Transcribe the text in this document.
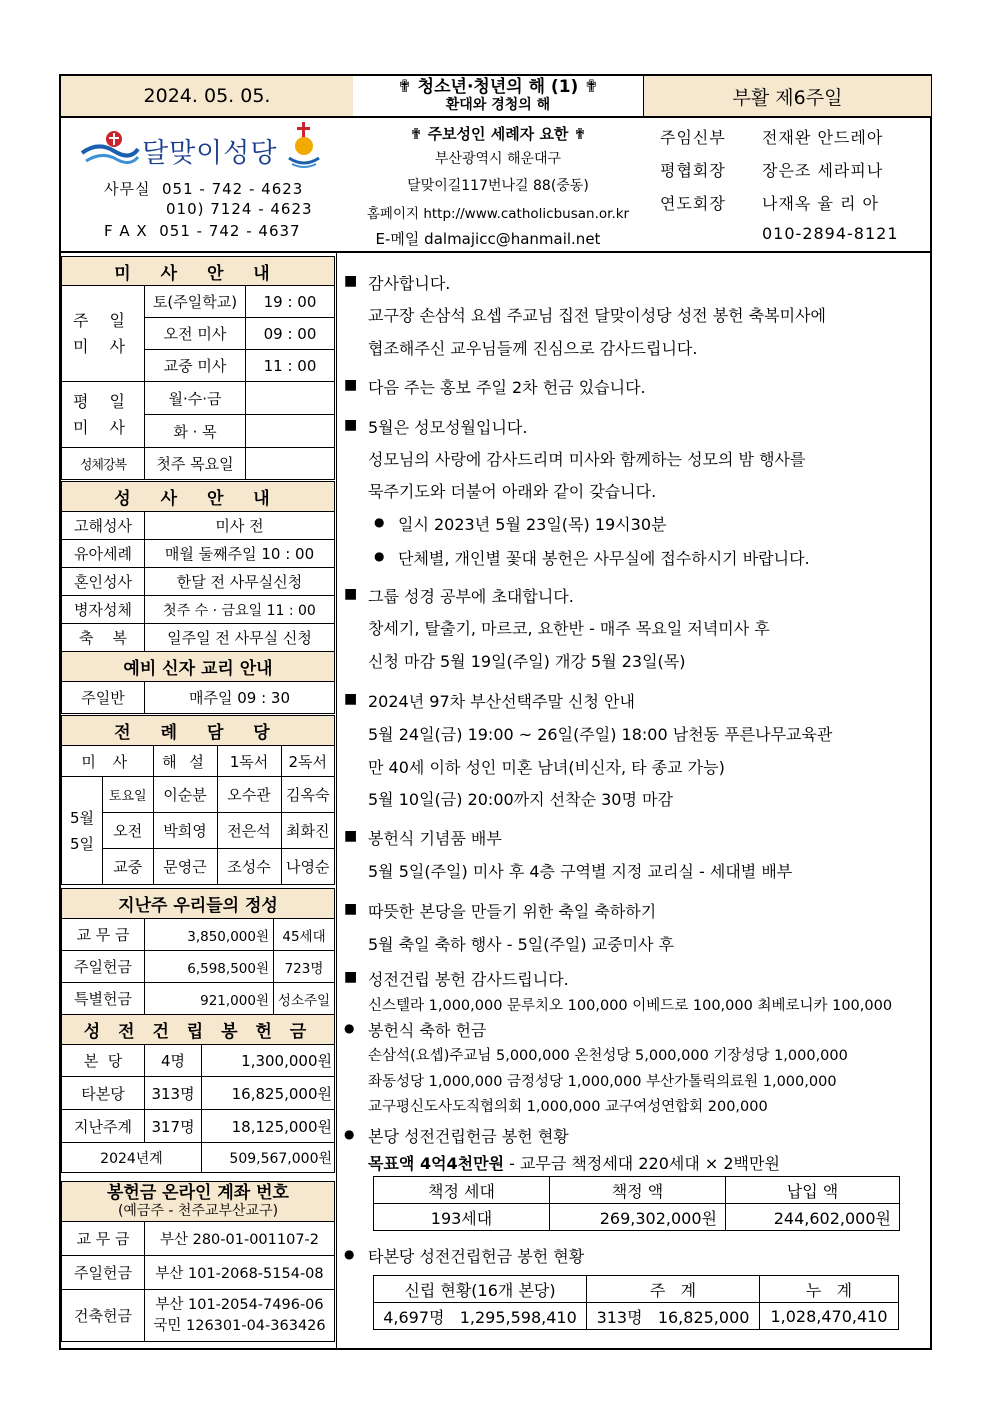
2024. 05. 05.	✟ 청소년·청년의 해 (1) ✟
환대와 경청의 해	부활 제6주일
달맞이성당
사무실  051 - 742 - 4623
010) 7124 - 4623
F A X  051 - 742 - 4637
✟ 주보성인 세례자 요한 ✟
부산광역시 해운대구
달맞이길117번나길 88(중동)
홈페이지 http://www.catholicbusan.or.kr
E-메일 dalmajicc@hanmail.net
주임신부 전재완 안드레아
평협회장 장은조 세라피나
연도회장 나재옥 율 리 아
010-2894-8121
미 사 안 내		
주 일
미 사	토(주일학교)	19 : 00
	오전 미사	09 : 00
	교중 미사	11 : 00
평 일
미 사	월·수·금	
	화 · 목	
성체강복	첫주 목요일	
성 사 안 내	
고해성사	미사 전
유아세례	매월 둘째주일 10 : 00
혼인성사	한달 전 사무실신청
병자성체	첫주 수 · 금요일 11 : 00
축    복	일주일 전 사무실 신청
예비 신자 교리 안내	
주일반	매주일 09 : 30
전 례 담 당				
미 사		해 설	1독서	2독서
5월
5일	토요일	이순분	오수관	김옥숙
	오전	박희영	전은석	최화진
	교중	문영근	조성수	나영순
지난주 우리들의 정성		
교 무 금	3,850,000원	45세대
주일헌금	6,598,500원	723명
특별헌금	921,000원	성소주일
성 전 건 립 봉 헌 금		
본  당	4명	1,300,000원
타본당	313명	16,825,000원
지난주계	317명	18,125,000원
2024년계		509,567,000원
봉헌금 온라인 계좌 번호
(예금주 - 천주교부산교구)	

교 무 금	부산 280-01-001107-2
주일헌금	부산 101-2068-5154-08
건축헌금	부산 101-2054-7496-06
국민 126301-04-363426
■ 감사합니다.
교구장 손삼석 요셉 주교님 집전 달맞이성당 성전 봉헌 축복미사에
협조해주신 교우님들께 진심으로 감사드립니다.
■ 다음 주는 홍보 주일 2차 헌금 있습니다.
■ 5월은 성모성월입니다.
성모님의 사랑에 감사드리며 미사와 함께하는 성모의 밤 행사를
묵주기도와 더불어 아래와 같이 갖습니다.
● 일시 2023년 5월 23일(목) 19시30분
● 단체별, 개인별 꽃대 봉헌은 사무실에 접수하시기 바랍니다.
■ 그룹 성경 공부에 초대합니다.
창세기, 탈출기, 마르코, 요한반 - 매주 목요일 저녁미사 후
신청 마감 5월 19일(주일) 개강 5월 23일(목)
■ 2024년 97차 부산선택주말 신청 안내
5월 24일(금) 19:00 ~ 26일(주일) 18:00 남천동 푸른나무교육관
만 40세 이하 성인 미혼 남녀(비신자, 타 종교 가능)
5월 10일(금) 20:00까지 선착순 30명 마감
■ 봉헌식 기념품 배부
5월 5일(주일) 미사 후 4층 구역별 지정 교리실 - 세대별 배부
■ 따뜻한 본당을 만들기 위한 축일 축하하기
5월 축일 축하 행사 - 5일(주일) 교중미사 후
■ 성전건립 봉헌 감사드립니다.
신스텔라 1,000,000 문루치오 100,000 이베드로 100,000 최베로니카 100,000
● 봉헌식 축하 헌금
손삼석(요셉)주교님 5,000,000 온천성당 5,000,000 기장성당 1,000,000
좌동성당 1,000,000 금정성당 1,000,000 부산가톨릭의료원 1,000,000
교구평신도사도직협의회 1,000,000 교구여성연합회 200,000
● 본당 성전건립헌금 봉헌 현황
목표액 4억4천만원 - 교무금 책정세대 220세대 × 2백만원
● 타본당 성전건립헌금 봉헌 현황
책정 세대	책정 액	납입 액
193세대	269,302,000원	244,602,000원
신립 현황(16개 본당)	주   계	누   계
4,697명   1,295,598,410	313명   16,825,000	1,028,470,410
